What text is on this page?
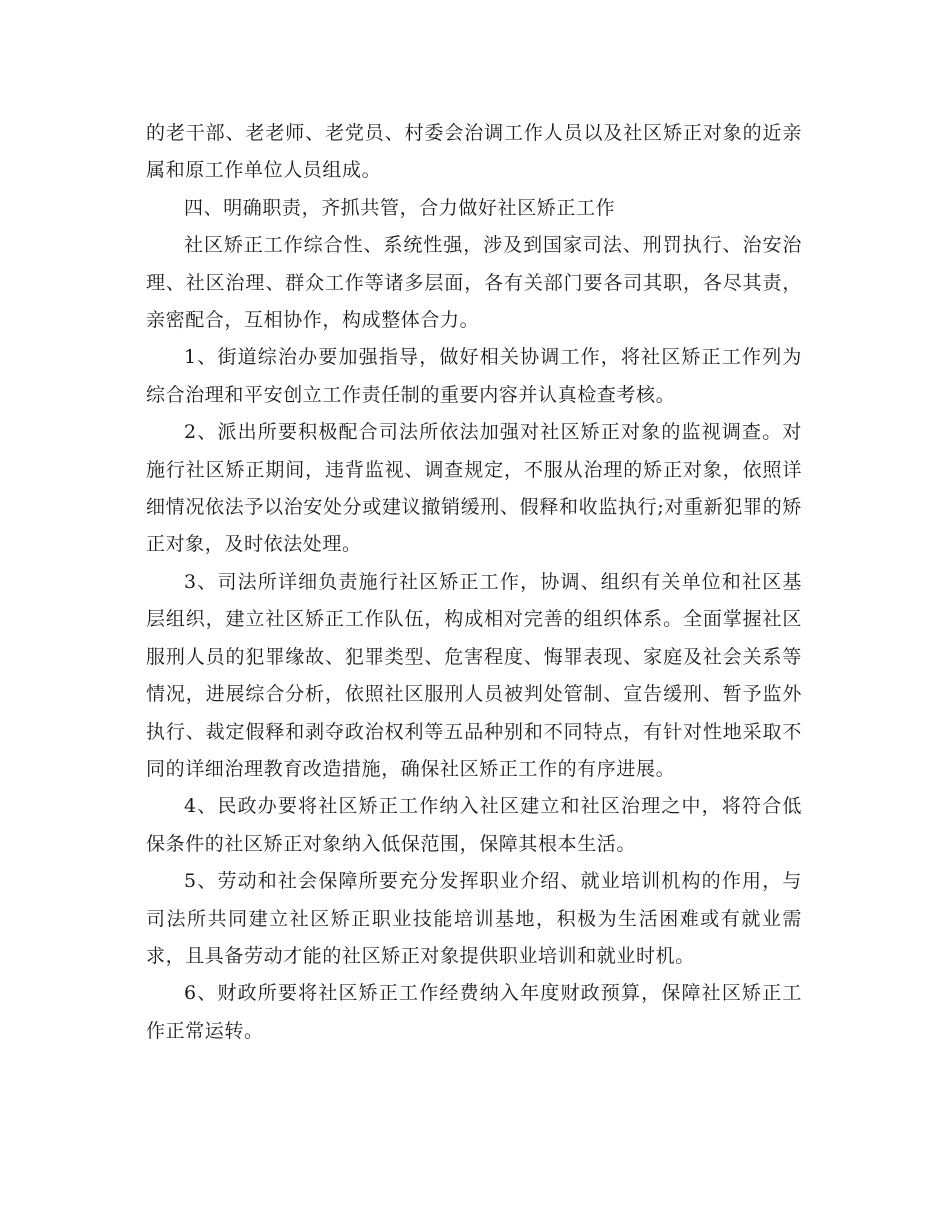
的老干部、老老师、老党员、村委会治调工作人员以及社区矫正对象的近亲属和原工作单位人员组成。

四、明确职责，齐抓共管，合力做好社区矫正工作

社区矫正工作综合性、系统性强，涉及到国家司法、刑罚执行、治安治理、社区治理、群众工作等诸多层面，各有关部门要各司其职，各尽其责，亲密配合，互相协作，构成整体合力。

1、街道综治办要加强指导，做好相关协调工作，将社区矫正工作列为综合治理和平安创立工作责任制的重要内容并认真检查考核。

2、派出所要积极配合司法所依法加强对社区矫正对象的监视调查。对施行社区矫正期间，违背监视、调查规定，不服从治理的矫正对象，依照详细情况依法予以治安处分或建议撤销缓刑、假释和收监执行;对重新犯罪的矫正对象，及时依法处理。

3、司法所详细负责施行社区矫正工作，协调、组织有关单位和社区基层组织，建立社区矫正工作队伍，构成相对完善的组织体系。全面掌握社区服刑人员的犯罪缘故、犯罪类型、危害程度、悔罪表现、家庭及社会关系等情况，进展综合分析，依照社区服刑人员被判处管制、宣告缓刑、暂予监外执行、裁定假释和剥夺政治权利等五品种别和不同特点，有针对性地采取不同的详细治理教育改造措施，确保社区矫正工作的有序进展。

4、民政办要将社区矫正工作纳入社区建立和社区治理之中，将符合低保条件的社区矫正对象纳入低保范围，保障其根本生活。

5、劳动和社会保障所要充分发挥职业介绍、就业培训机构的作用，与司法所共同建立社区矫正职业技能培训基地，积极为生活困难或有就业需求，且具备劳动才能的社区矫正对象提供职业培训和就业时机。

6、财政所要将社区矫正工作经费纳入年度财政预算，保障社区矫正工作正常运转。
